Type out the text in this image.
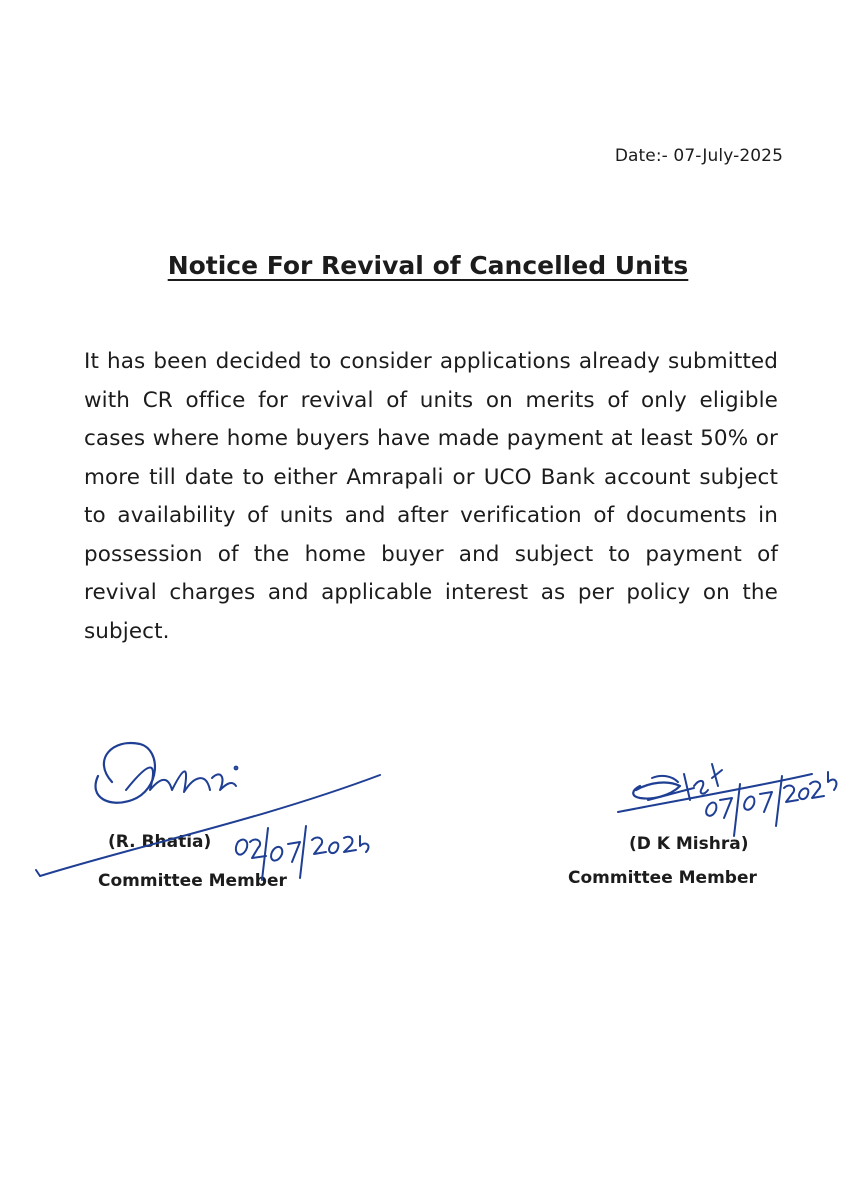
Date:- 07-July-2025
Notice For Revival of Cancelled Units
It has been decided to consider applications already submitted with CR office for revival of units on merits of only eligible cases where home buyers have made payment at least 50% or more till date to either Amrapali or UCO Bank account subject to availability of units and after verification of documents in possession of the home buyer and subject to payment of revival charges and applicable interest as per policy on the subject.
(R. Bhatia)
Committee Member
(D K Mishra)
Committee Member
